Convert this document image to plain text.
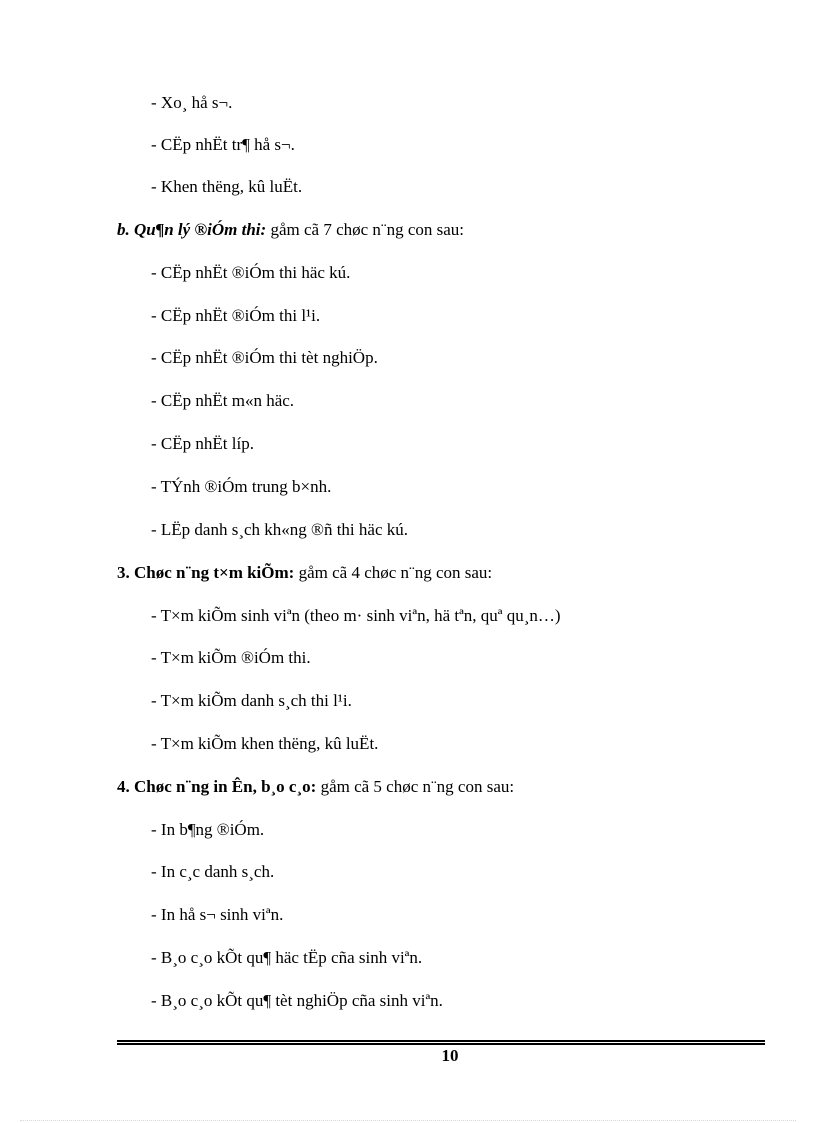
- Xo¸ hå s¬.
- CËp nhËt tr¶ hå s¬.
- Khen thëng, kû luËt.
b. Qu¶n lý ®iÓm thi: gåm cã 7 chøc n¨ng con sau:
- CËp nhËt ®iÓm thi häc kú.
- CËp nhËt ®iÓm thi l¹i.
- CËp nhËt ®iÓm thi tèt nghiÖp.
- CËp nhËt m«n häc.
- CËp nhËt líp.
- TÝnh ®iÓm trung b×nh.
- LËp danh s¸ch kh«ng ®ñ thi häc kú.
3. Chøc n¨ng t×m kiÕm: gåm cã 4 chøc n¨ng con sau:
- T×m kiÕm sinh viªn (theo m· sinh viªn, hä tªn, quª qu¸n…)
- T×m kiÕm ®iÓm thi.
- T×m kiÕm danh s¸ch thi l¹i.
- T×m kiÕm khen thëng, kû luËt.
4. Chøc n¨ng in Ên, b¸o c¸o: gåm cã 5 chøc n¨ng con sau:
- In b¶ng ®iÓm.
- In c¸c danh s¸ch.
- In hå s¬ sinh viªn.
- B¸o c¸o kÕt qu¶ häc tËp cña sinh viªn.
- B¸o c¸o kÕt qu¶ tèt nghiÖp cña sinh viªn.
10
